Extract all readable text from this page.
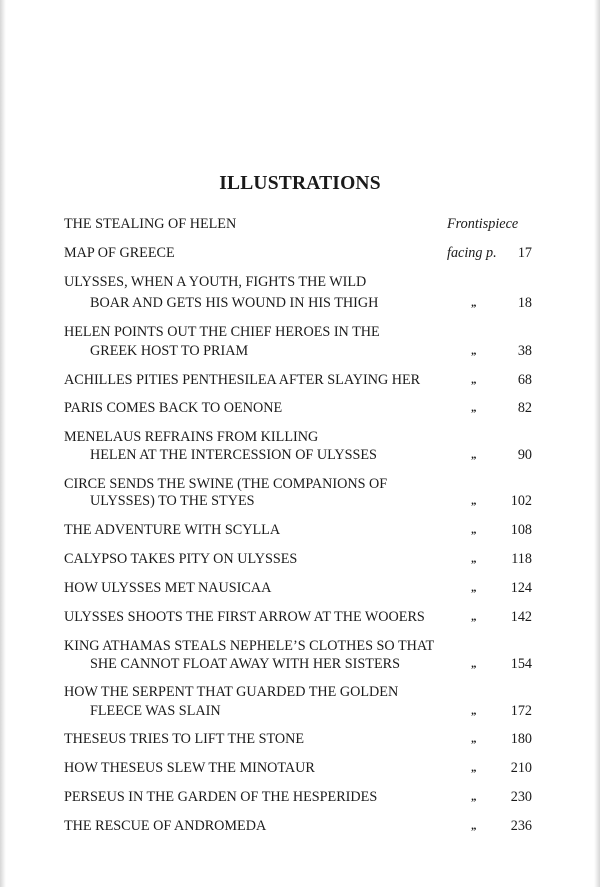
ILLUSTRATIONS
THE STEALING OF HELEN	Frontispiece
MAP OF GREECE	facing p. 17
ULYSSES, WHEN A YOUTH, FIGHTS THE WILD
BOAR AND GETS HIS WOUND IN HIS THIGH	„	18
HELEN POINTS OUT THE CHIEF HEROES IN THE
GREEK HOST TO PRIAM	„	38
ACHILLES PITIES PENTHESILEA AFTER SLAYING HER	„	68
PARIS COMES BACK TO OENONE	„	82
MENELAUS REFRAINS FROM KILLING
HELEN AT THE INTERCESSION OF ULYSSES	„	90
CIRCE SENDS THE SWINE (THE COMPANIONS OF
ULYSSES) TO THE STYES	„ 102
THE ADVENTURE WITH SCYLLA	„ 108
CALYPSO TAKES PITY ON ULYSSES	„ 118
HOW ULYSSES MET NAUSICAA	„ 124
ULYSSES SHOOTS THE FIRST ARROW AT THE WOOERS	„ 142
KING ATHAMAS STEALS NEPHELE’S CLOTHES SO THAT
SHE CANNOT FLOAT AWAY WITH HER SISTERS	„ 154
HOW THE SERPENT THAT GUARDED THE GOLDEN
FLEECE WAS SLAIN	„ 172
THESEUS TRIES TO LIFT THE STONE	„ 180
HOW THESEUS SLEW THE MINOTAUR	„ 210
PERSEUS IN THE GARDEN OF THE HESPERIDES	„ 230
THE RESCUE OF ANDROMEDA	„ 236
